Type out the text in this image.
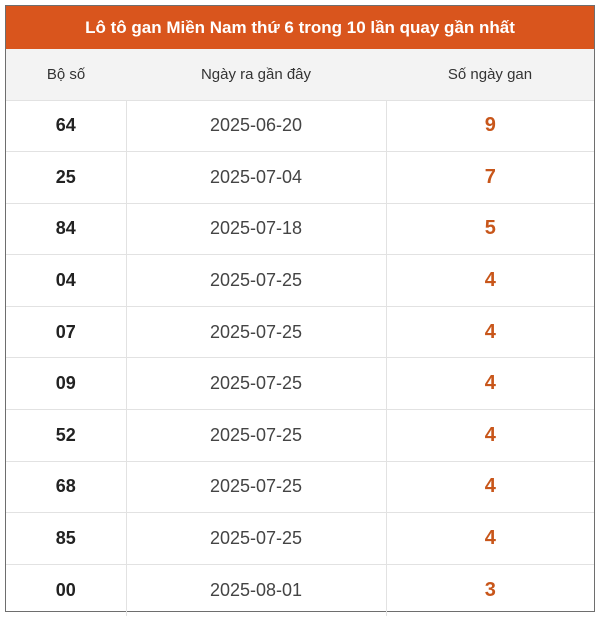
Lô tô gan Miền Nam thứ 6 trong 10 lần quay gần nhất
Bộ số	Ngày ra gần đây	Số ngày gan
64	2025-06-20	9
25	2025-07-04	7
84	2025-07-18	5
04	2025-07-25	4
07	2025-07-25	4
09	2025-07-25	4
52	2025-07-25	4
68	2025-07-25	4
85	2025-07-25	4
00	2025-08-01	3
